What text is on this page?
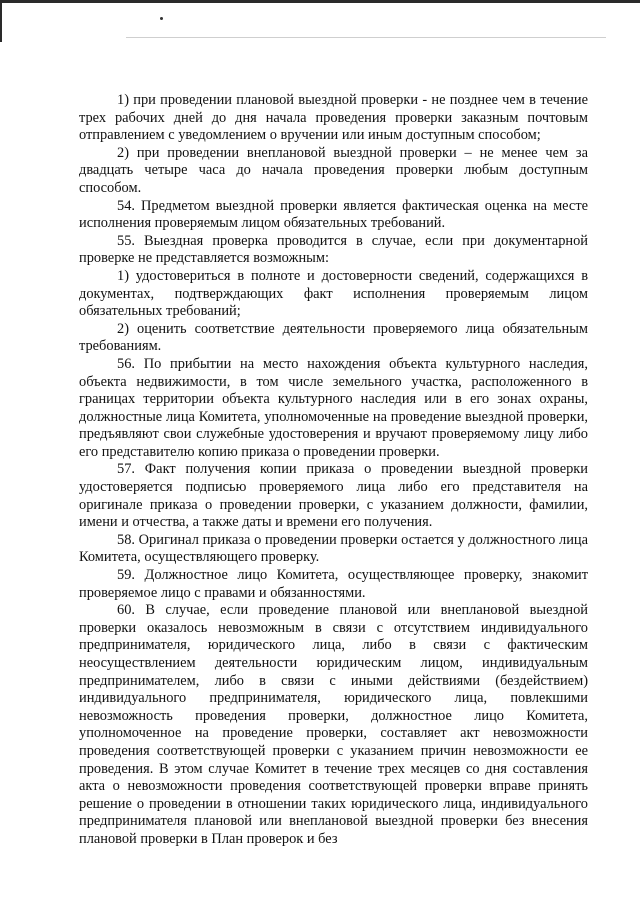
1) при проведении плановой выездной проверки - не позднее чем в течение трех рабочих дней до дня начала проведения проверки заказным почтовым отправлением с уведомлением о вручении или иным доступным способом;

2) при проведении внеплановой выездной проверки – не менее чем за двадцать четыре часа до начала проведения проверки любым доступным способом.

54. Предметом выездной проверки является фактическая оценка на месте исполнения проверяемым лицом обязательных требований.

55. Выездная проверка проводится в случае, если при документарной проверке не представляется возможным:

1) удостовериться в полноте и достоверности сведений, содержащихся в документах, подтверждающих факт исполнения проверяемым лицом обязательных требований;

2) оценить соответствие деятельности проверяемого лица обязательным требованиям.

56. По прибытии на место нахождения объекта культурного наследия, объекта недвижимости, в том числе земельного участка, расположенного в границах территории объекта культурного наследия или в его зонах охраны, должностные лица Комитета, уполномоченные на проведение выездной проверки, предъявляют свои служебные удостоверения и вручают проверяемому лицу либо его представителю копию приказа о проведении проверки.

57. Факт получения копии приказа о проведении выездной проверки удостоверяется подписью проверяемого лица либо его представителя на оригинале приказа о проведении проверки, с указанием должности, фамилии, имени и отчества, а также даты и времени его получения.

58. Оригинал приказа о проведении проверки остается у должностного лица Комитета, осуществляющего проверку.

59. Должностное лицо Комитета, осуществляющее проверку, знакомит проверяемое лицо с правами и обязанностями.

60. В случае, если проведение плановой или внеплановой выездной проверки оказалось невозможным в связи с отсутствием индивидуального предпринимателя, юридического лица, либо в связи с фактическим неосуществлением деятельности юридическим лицом, индивидуальным предпринимателем, либо в связи с иными действиями (бездействием) индивидуального предпринимателя, юридического лица, повлекшими невозможность проведения проверки, должностное лицо Комитета, уполномоченное на проведение проверки, составляет акт невозможности проведения соответствующей проверки с указанием причин невозможности ее проведения. В этом случае Комитет в течение трех месяцев со дня составления акта о невозможности проведения соответствующей проверки вправе принять решение о проведении в отношении таких юридического лица, индивидуального предпринимателя плановой или внеплановой выездной проверки без внесения плановой проверки в План проверок и без
